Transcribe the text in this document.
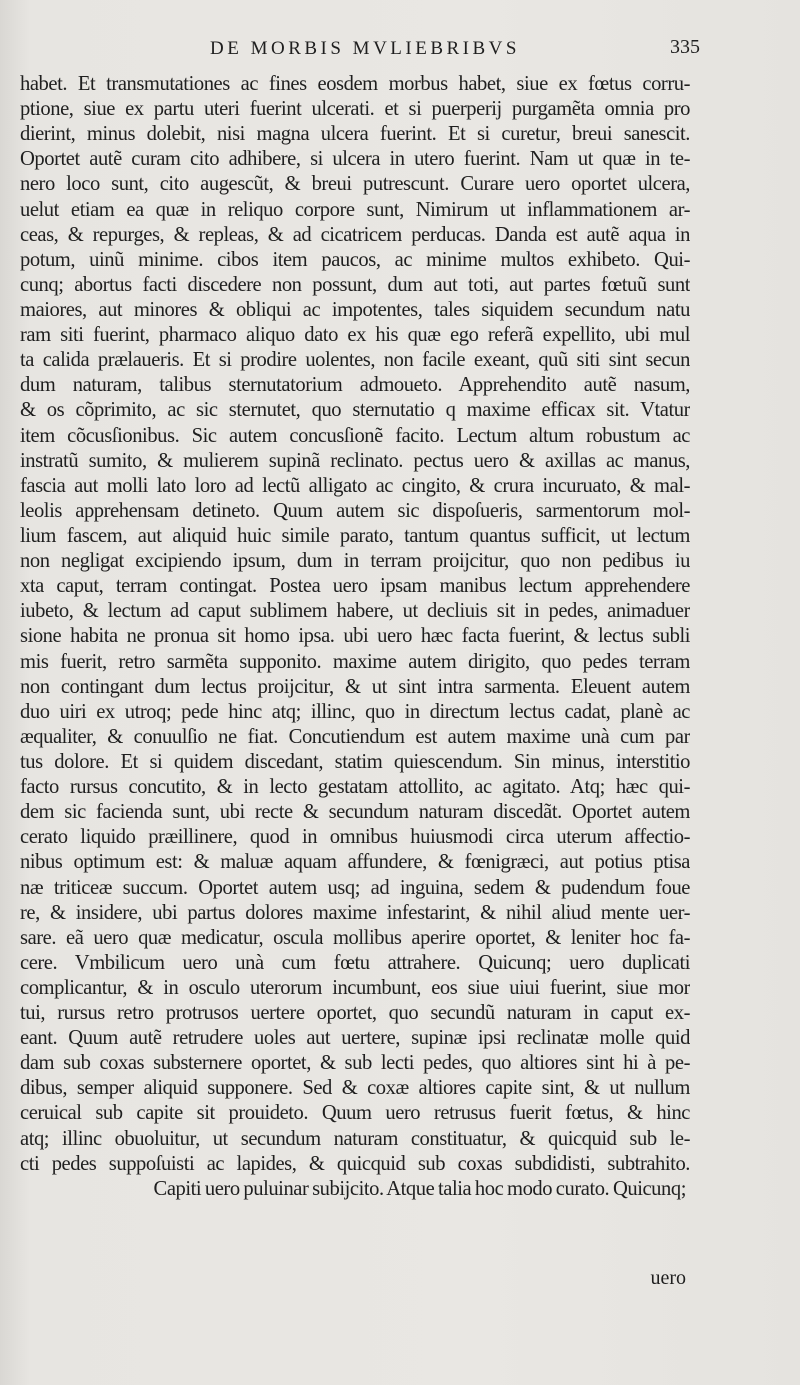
DE MORBIS MVLIEBRIBVS	335
habet. Et transmutationes ac fines eosdem morbus habet, siue ex fœtus corru-
ptione, siue ex partu uteri fuerint ulcerati. et si puerperij purgamẽta omnia pro
dierint, minus dolebit, nisi magna ulcera fuerint. Et si curetur, breui sanescit.
Oportet autẽ curam cito adhibere, si ulcera in utero fuerint. Nam ut quæ in te-
nero loco sunt, cito augescũt, & breui putrescunt. Curare uero oportet ulcera,
uelut etiam ea quæ in reliquo corpore sunt, Nimirum ut inflammationem ar-
ceas, & repurges, & repleas, & ad cicatricem perducas. Danda est autẽ aqua in
potum, uinũ minime. cibos item paucos, ac minime multos exhibeto. Qui-
cunq; abortus facti discedere non possunt, dum aut toti, aut partes fœtuũ sunt
maiores, aut minores & obliqui ac impotentes, tales siquidem secundum natu
ram siti fuerint, pharmaco aliquo dato ex his quæ ego referã expellito, ubi mul
ta calida prælaueris. Et si prodire uolentes, non facile exeant, quũ siti sint secun
dum naturam, talibus sternutatorium admoueto. Apprehendito autẽ nasum,
& os cõprimito, ac sic sternutet, quo sternutatio q maxime efficax sit. Vtatur
item cõcusſionibus. Sic autem concusſionẽ facito. Lectum altum robustum ac
instratũ sumito, & mulierem supinã reclinato. pectus uero & axillas ac manus,
fascia aut molli lato loro ad lectũ alligato ac cingito, & crura incuruato, & mal-
leolis apprehensam detineto. Quum autem sic dispoſueris, sarmentorum mol-
lium fascem, aut aliquid huic simile parato, tantum quantus sufficit, ut lectum
non negligat excipiendo ipsum, dum in terram proijcitur, quo non pedibus iu
xta caput, terram contingat. Postea uero ipsam manibus lectum apprehendere
iubeto, & lectum ad caput sublimem habere, ut decliuis sit in pedes, animaduer
sione habita ne pronua sit homo ipsa. ubi uero hæc facta fuerint, & lectus subli
mis fuerit, retro sarmẽta supponito. maxime autem dirigito, quo pedes terram
non contingant dum lectus proijcitur, & ut sint intra sarmenta. Eleuent autem
duo uiri ex utroq; pede hinc atq; illinc, quo in directum lectus cadat, planè ac
æqualiter, & conuulſio ne fiat. Concutiendum est autem maxime unà cum par
tus dolore. Et si quidem discedant, statim quiescendum. Sin minus, interstitio
facto rursus concutito, & in lecto gestatam attollito, ac agitato. Atq; hæc qui-
dem sic facienda sunt, ubi recte & secundum naturam discedãt. Oportet autem
cerato liquido præillinere, quod in omnibus huiusmodi circa uterum affectio-
nibus optimum est: & maluæ aquam affundere, & fœnigræci, aut potius ptisa
næ triticeæ succum. Oportet autem usq; ad inguina, sedem & pudendum foue
re, & insidere, ubi partus dolores maxime infestarint, & nihil aliud mente uer-
sare. eã uero quæ medicatur, oscula mollibus aperire oportet, & leniter hoc fa-
cere. Vmbilicum uero unà cum fœtu attrahere. Quicunq; uero duplicati
complicantur, & in osculo uterorum incumbunt, eos siue uiui fuerint, siue mor
tui, rursus retro protrusos uertere oportet, quo secundũ naturam in caput ex-
eant. Quum autẽ retrudere uoles aut uertere, supinæ ipsi reclinatæ molle quid
dam sub coxas substernere oportet, & sub lecti pedes, quo altiores sint hi à pe-
dibus, semper aliquid supponere. Sed & coxæ altiores capite sint, & ut nullum
ceruical sub capite sit prouideto. Quum uero retrusus fuerit fœtus, & hinc
atq; illinc obuoluitur, ut secundum naturam constituatur, & quicquid sub le-
cti pedes suppoſuisti ac lapides, & quicquid sub coxas subdidisti, subtrahito.
Capiti uero puluinar subijcito. Atque talia hoc modo curato. Quicunq;
uero
